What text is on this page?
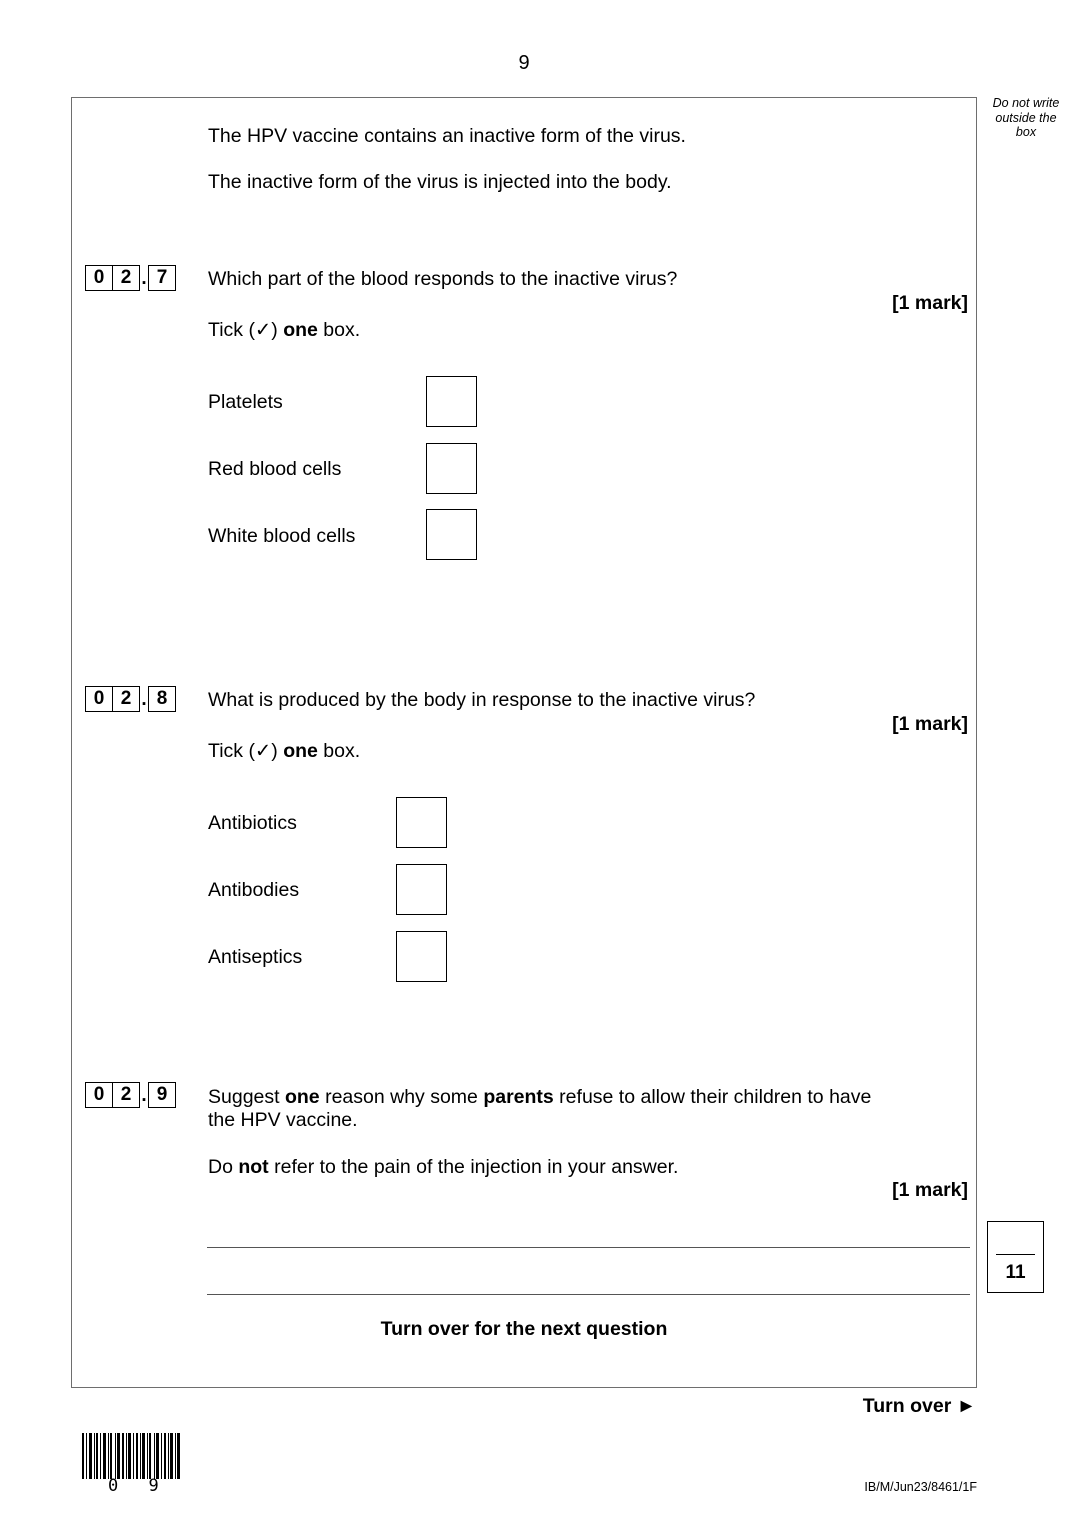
9
Do not write
outside the
box
The HPV vaccine contains an inactive form of the virus.
The inactive form of the virus is injected into the body.
0 2 . 7	Which part of the blood responds to the inactive virus?
[1 mark]
Tick (✓) one box.
Platelets
Red blood cells
White blood cells
0 2 . 8	What is produced by the body in response to the inactive virus?
[1 mark]
Tick (✓) one box.
Antibiotics
Antibodies
Antiseptics
0 2 . 9	Suggest one reason why some parents refuse to allow their children to have
the HPV vaccine.
Do not refer to the pain of the injection in your answer.
[1 mark]
11
Turn over for the next question
Turn over ►
0 9	IB/M/Jun23/8461/1F
